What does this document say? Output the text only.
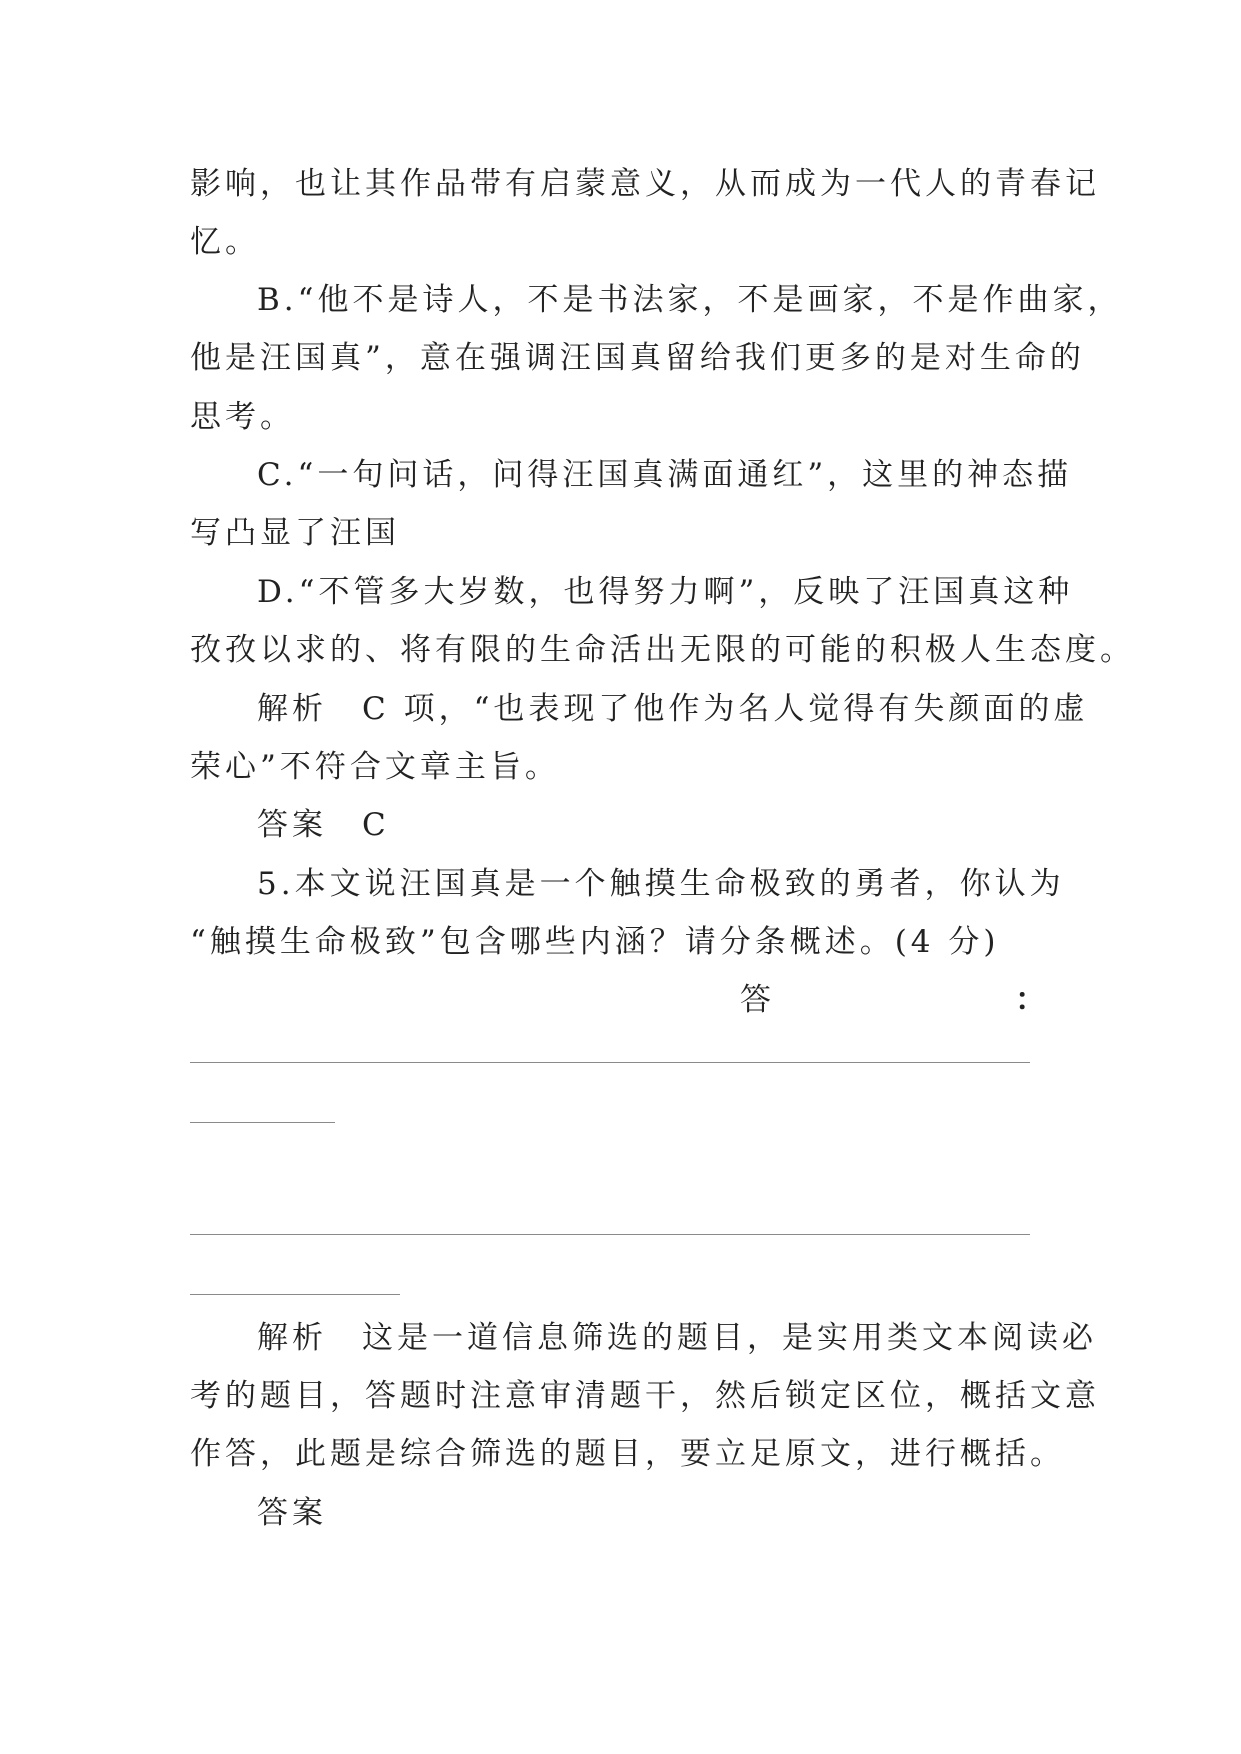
影响，也让其作品带有启蒙意义，从而成为一代人的青春记
忆。
B.“他不是诗人，不是书法家，不是画家，不是作曲家，
他是汪国真”，意在强调汪国真留给我们更多的是对生命的
思考。
C.“一句问话，问得汪国真满面通红”，这里的神态描
写凸显了汪国
D.“不管多大岁数，也得努力啊”，反映了汪国真这种
孜孜以求的、将有限的生命活出无限的可能的积极人生态度。
解析　C 项，“也表现了他作为名人觉得有失颜面的虚
荣心”不符合文章主旨。
答案　C
5.本文说汪国真是一个触摸生命极致的勇者，你认为
“触摸生命极致”包含哪些内涵？请分条概述。(4 分)
答	：
解析　这是一道信息筛选的题目，是实用类文本阅读必
考的题目，答题时注意审清题干，然后锁定区位，概括文意
作答，此题是综合筛选的题目，要立足原文，进行概括。
答案
